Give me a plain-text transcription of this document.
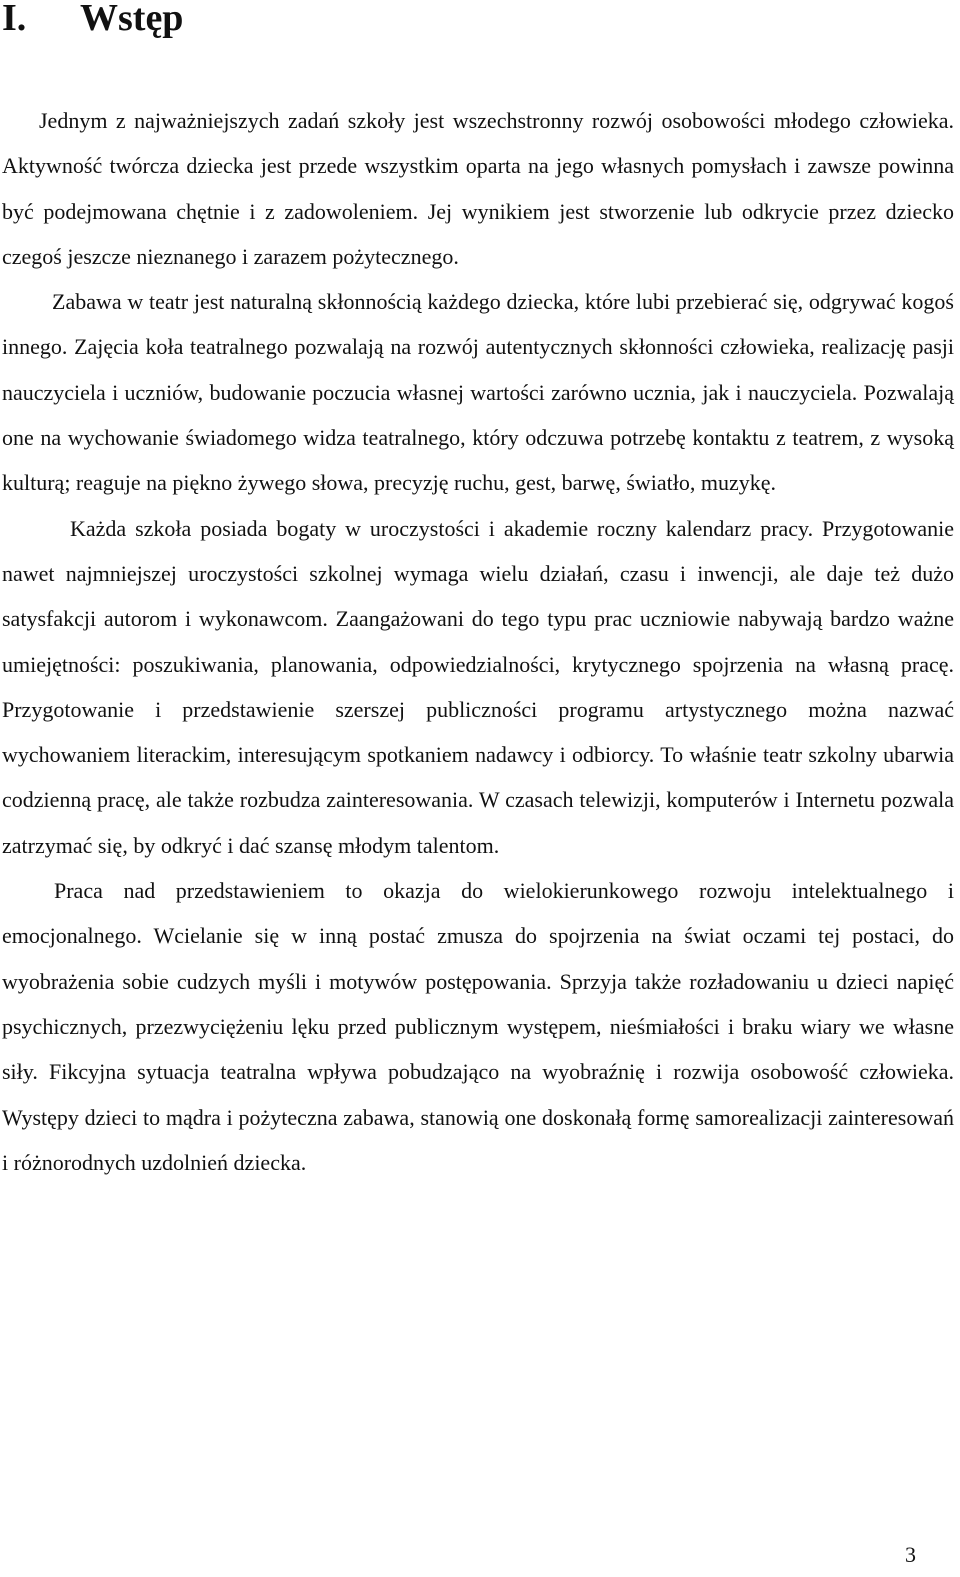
I. Wstęp

Jednym z najważniejszych zadań szkoły jest wszechstronny rozwój osobowości młodego człowieka. Aktywność twórcza dziecka jest przede wszystkim oparta na jego własnych pomysłach i zawsze powinna być podejmowana chętnie i z zadowoleniem. Jej wynikiem jest stworzenie lub odkrycie przez dziecko czegoś jeszcze nieznanego i zarazem pożytecznego.

Zabawa w teatr jest naturalną skłonnością każdego dziecka, które lubi przebierać się, odgrywać kogoś innego. Zajęcia koła teatralnego pozwalają na rozwój autentycznych skłonności człowieka, realizację pasji nauczyciela i uczniów, budowanie poczucia własnej wartości zarówno ucznia, jak i nauczyciela. Pozwalają one na wychowanie świadomego widza teatralnego, który odczuwa potrzebę kontaktu z teatrem, z wysoką kulturą; reaguje na piękno żywego słowa, precyzję ruchu, gest, barwę, światło, muzykę.

Każda szkoła posiada bogaty w uroczystości i akademie roczny kalendarz pracy. Przygotowanie nawet najmniejszej uroczystości szkolnej wymaga wielu działań, czasu i inwencji, ale daje też dużo satysfakcji autorom i wykonawcom. Zaangażowani do tego typu prac uczniowie nabywają bardzo ważne umiejętności: poszukiwania, planowania, odpowiedzialności, krytycznego spojrzenia na własną pracę. Przygotowanie i przedstawienie szerszej publiczności programu artystycznego można nazwać wychowaniem literackim, interesującym spotkaniem nadawcy i odbiorcy. To właśnie teatr szkolny ubarwia codzienną pracę, ale także rozbudza zainteresowania. W czasach telewizji, komputerów i Internetu pozwala zatrzymać się, by odkryć i dać szansę młodym talentom.

Praca nad przedstawieniem to okazja do wielokierunkowego rozwoju intelektualnego i emocjonalnego. Wcielanie się w inną postać zmusza do spojrzenia na świat oczami tej postaci, do wyobrażenia sobie cudzych myśli i motywów postępowania. Sprzyja także rozładowaniu u dzieci napięć psychicznych, przezwyciężeniu lęku przed publicznym występem, nieśmiałości i braku wiary we własne siły. Fikcyjna sytuacja teatralna wpływa pobudzająco na wyobraźnię i rozwija osobowość człowieka. Występy dzieci to mądra i pożyteczna zabawa, stanowią one doskonałą formę samorealizacji zainteresowań i różnorodnych uzdolnień dziecka.

3
